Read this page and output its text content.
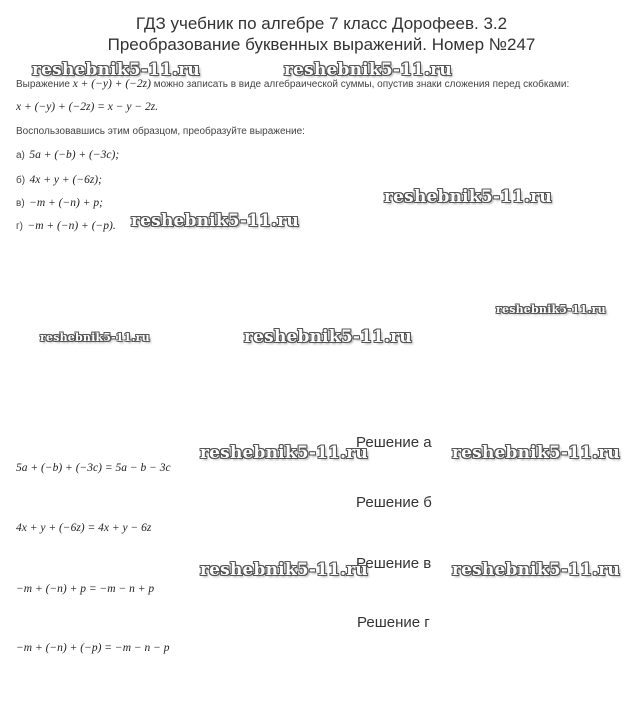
ГДЗ учебник по алгебре 7 класс Дорофеев. 3.2
Преобразование буквенных выражений. Номер №247
Выражение x + (−y) + (−2z) можно записать в виде алгебраической суммы, опустив знаки сложения перед скобками:
x + (−y) + (−2z) = x − y − 2z.
Воспользовавшись этим образцом, преобразуйте выражение:
а) 5a + (−b) + (−3c);
б) 4x + y + (−6z);
в) −m + (−n) + p;
г) −m + (−n) + (−p).
Решение а
5a + (−b) + (−3c) = 5a − b − 3c
Решение б
4x + y + (−6z) = 4x + y − 6z
Решение в
−m + (−n) + p = −m − n + p
Решение г
−m + (−n) + (−p) = −m − n − p
reshebnik5-11.ru	reshebnik5-11.ru
reshebnik5-11.ru
reshebnik5-11.ru
reshebnik5-11.ru
reshebnik5-11.ru	reshebnik5-11.ru
reshebnik5-11.ru	reshebnik5-11.ru
reshebnik5-11.ru	reshebnik5-11.ru
